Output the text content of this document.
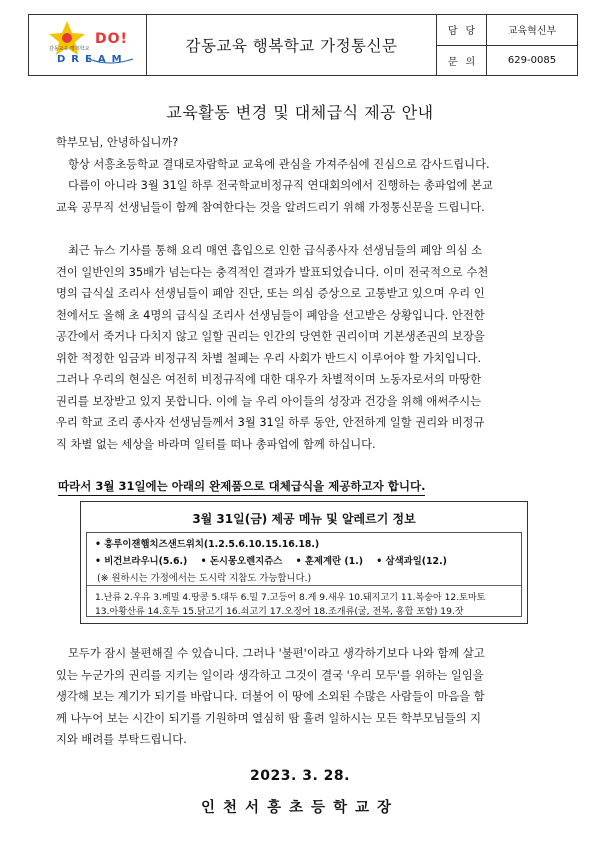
감동교육 행복학교
DO!
DREAM
감동교육 행복학교 가정통신문
담당	교육혁신부
문의	629-0085
교육활동 변경 및 대체급식 제공 안내
학부모님, 안녕하십니까?
항상 서흥초등학교 결대로자람학교 교육에 관심을 가져주심에 진심으로 감사드립니다.
다름이 아니라 3월 31일 하루 전국학교비정규직 연대회의에서 진행하는 총파업에 본교
교육 공무직 선생님들이 함께 참여한다는 것을 알려드리기 위해 가정통신문을 드립니다.
최근 뉴스 기사를 통해 요리 매연 흡입으로 인한 급식종사자 선생님들의 폐암 의심 소
견이 일반인의 35배가 넘는다는 충격적인 결과가 발표되었습니다. 이미 전국적으로 수천
명의 급식실 조리사 선생님들이 폐암 진단, 또는 의심 증상으로 고통받고 있으며 우리 인
천에서도 올해 초 4명의 급식실 조리사 선생님들이 폐암을 선고받은 상황입니다. 안전한
공간에서 죽거나 다치지 않고 일할 권리는 인간의 당연한 권리이며 기본생존권의 보장을
위한 적정한 임금과 비정규직 차별 철폐는 우리 사회가 반드시 이루어야 할 가치입니다.
그러나 우리의 현실은 여전히 비정규직에 대한 대우가 차별적이며 노동자로서의 마땅한
권리를 보장받고 있지 못합니다. 이에 늘 우리 아이들의 성장과 건강을 위해 애써주시는
우리 학교 조리 종사자 선생님들께서 3월 31일 하루 동안, 안전하게 일할 권리와 비정규
직 차별 없는 세상을 바라며 일터를 떠나 총파업에 함께 하십니다.
따라서 3월 31일에는 아래의 완제품으로 대체급식을 제공하고자 합니다.
3월 31일(금) 제공 메뉴 및 알레르기 정보
• 훙루이잰햄치즈샌드위치(1.2.5.6.10.15.16.18.)
• 비건브라우니(5.6.) • 돈시몽오렌지쥬스 • 훈제계란 (1.) • 삼색과일(12.)
(※ 원하시는 가정에서는 도시락 지참도 가능합니다.)
1.난류 2.우유 3.메밀 4.땅콩 5.대두 6.밀 7.고등어 8.게 9.새우 10.돼지고기 11.복숭아 12.토마토
13.아황산류 14.호두 15.닭고기 16.쇠고기 17.오징어 18.조개류(굴, 전복, 홍합 포함) 19.잣
모두가 잠시 불편해질 수 있습니다. 그러나 '불편'이라고 생각하기보다 나와 함께 살고
있는 누군가의 권리를 지키는 일이라 생각하고 그것이 결국 '우리 모두'를 위하는 일임을
생각해 보는 계기가 되기를 바랍니다. 더불어 이 땅에 소외된 수많은 사람들이 마음을 함
께 나누어 보는 시간이 되기를 기원하며 열심히 땀 흘려 일하시는 모든 학부모님들의 지
지와 배려를 부탁드립니다.
2023. 3. 28.
인천서흥초등학교장
